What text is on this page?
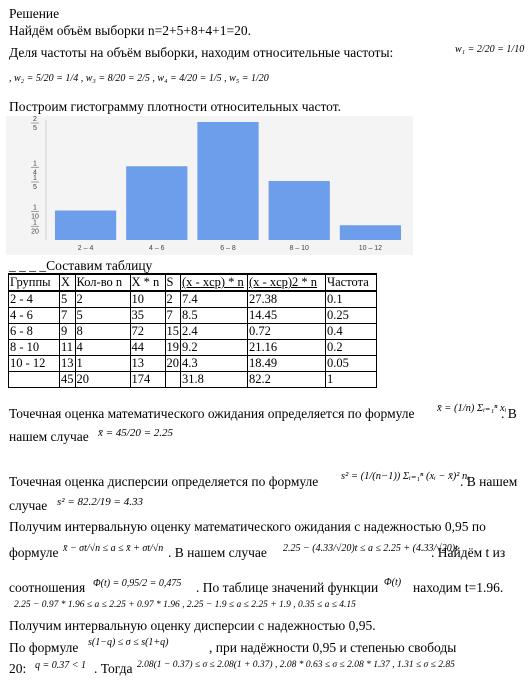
Решение
Найдём объём выборки n=2+5+8+4+1=20.
Деля частоты на объём выборки, находим относительные частоты:	w₁ = 2/20 = 1/10
, w₂ = 5/20 = 1/4 , w₃ = 8/20 = 2/5 , w₄ = 4/20 = 1/5 , w₅ = 1/20
Построим гистограмму плотности относительных частот.
2
5
1
4
1
5
1
10
1
20
2 – 4	4 – 6	6 – 8	8 – 10	10 – 12
_ _ _ _Составим таблицу
Группы	X	Кол-во n	X * n	S	(x - xср) * n	(x - xср)2 * n	Частота
2 - 4	5	2	10	2	7.4	27.38	0.1
4 - 6	7	5	35	7	8.5	14.45	0.25
6 - 8	9	8	72	15	2.4	0.72	0.4
8 - 10	11	4	44	19	9.2	21.16	0.2
10 - 12	13	1	13	20	4.3	18.49	0.05
	45	20	174		31.8	82.2	1
Точечная оценка математического ожидания определяется по формуле x̄ = (1/n) Σᵢ₌₁ⁿ xᵢ
. В
нашем случае x̄ = 45/20 = 2.25
Точечная оценка дисперсии определяется по формуле s² = (1/(n−1)) Σᵢ₌₁ⁿ (xᵢ − x̄)² nᵢ
. В нашем
случае s² = 82.2/19 = 4.33
Получим интервальную оценку математического ожидания с надежностью 0,95 по
формуле x̄ − σt/√n ≤ a ≤ x̄ + σt/√n . В нашем случае 2.25 − (4.33/√20)t ≤ a ≤ 2.25 + (4.33/√20)t
. Найдём t из
соотношения Φ(t) = 0,95/2 = 0,475 . По таблице значений функции Φ(t) находим t=1.96.
2.25 − 0.97 * 1.96 ≤ a ≤ 2.25 + 0.97 * 1.96 , 2.25 − 1.9 ≤ a ≤ 2.25 + 1.9 , 0.35 ≤ a ≤ 4.15
Получим интервальную оценку дисперсии с надежностью 0,95.
По формуле s(1−q) ≤ σ ≤ s(1+q)	, при надёжности 0,95 и степенью свободы
20: q = 0.37 < 1 . Тогда 2.08(1 − 0.37) ≤ σ ≤ 2.08(1 + 0.37) , 2.08 * 0.63 ≤ σ ≤ 2.08 * 1.37 , 1.31 ≤ σ ≤ 2.85
